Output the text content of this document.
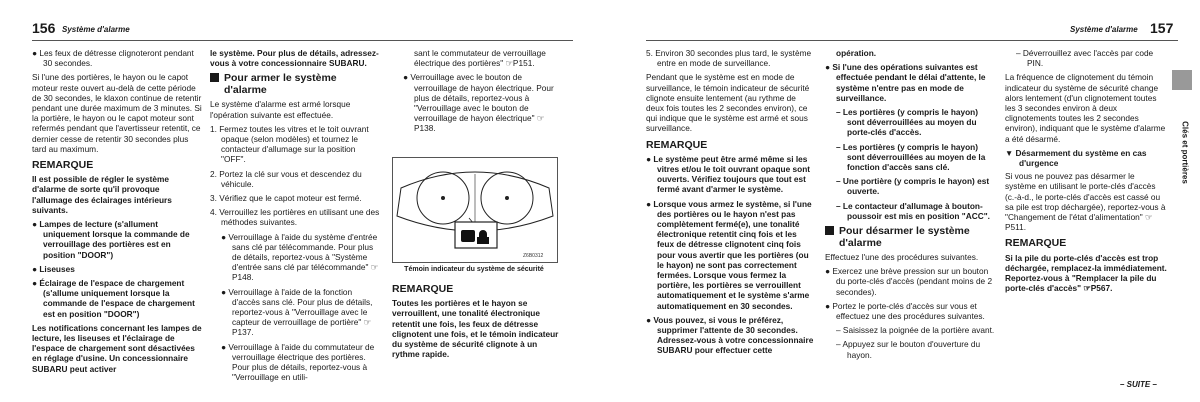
156 Système d'alarme

● Les feux de détresse clignoteront pendant 30 secondes.

Si l'une des portières, le hayon ou le capot moteur reste ouvert au-delà de cette période de 30 secondes, le klaxon continue de retentir pendant une durée maximum de 3 minutes. Si la portière, le hayon ou le capot moteur sont refermés pendant que l'avertisseur retentit, ce dernier cesse de retentir 30 secondes plus tard au maximum.

REMARQUE

Il est possible de régler le système d'alarme de sorte qu'il provoque l'allumage des éclairages intérieurs suivants.

● Lampes de lecture (s'allument uniquement lorsque la commande de verrouillage des portières est en position "DOOR")

● Liseuses

● Éclairage de l'espace de chargement (s'allume uniquement lorsque la commande de l'espace de chargement est en position "DOOR")

Les notifications concernant les lampes de lecture, les liseuses et l'éclairage de l'espace de chargement sont désactivées en réglage d'usine. Un concessionnaire SUBARU peut activer

le système. Pour plus de détails, adressez-vous à votre concessionnaire SUBARU.

Pour armer le système d'alarme

Le système d'alarme est armé lorsque l'opération suivante est effectuée.

1. Fermez toutes les vitres et le toit ouvrant opaque (selon modèles) et tournez le contacteur d'allumage sur la position "OFF".

2. Portez la clé sur vous et descendez du véhicule.

3. Vérifiez que le capot moteur est fermé.

4. Verrouillez les portières en utilisant une des méthodes suivantes.

● Verrouillage à l'aide du système d'entrée sans clé par télécommande. Pour plus de détails, reportez-vous à "Système d'entrée sans clé par télécommande" ☞P148.

● Verrouillage à l'aide de la fonction d'accès sans clé. Pour plus de détails, reportez-vous à "Verrouillage avec le capteur de verrouillage de portière" ☞P137.

● Verrouillage à l'aide du commutateur de verrouillage électrique des portières. Pour plus de détails, reportez-vous à "Verrouillage en utili-

sant le commutateur de verrouillage électrique des portières" ☞P151.

● Verrouillage avec le bouton de verrouillage de hayon électrique. Pour plus de détails, reportez-vous à "Verrouillage avec le bouton de verrouillage de hayon électrique" ☞P138.

Z6B0312
Témoin indicateur du système de sécurité
REMARQUE

Toutes les portières et le hayon se verrouillent, une tonalité électronique retentit une fois, les feux de détresse clignotent une fois, et le témoin indicateur du système de sécurité clignote à un rythme rapide.

Système d'alarme 157

5. Environ 30 secondes plus tard, le système entre en mode de surveillance.

Pendant que le système est en mode de surveillance, le témoin indicateur de sécurité clignote ensuite lentement (au rythme de deux fois toutes les 2 secondes environ), ce qui indique que le système est armé et sous surveillance.

REMARQUE

● Le système peut être armé même si les vitres et/ou le toit ouvrant opaque sont ouverts. Vérifiez toujours que tout est fermé avant d'armer le système.

● Lorsque vous armez le système, si l'une des portières ou le hayon n'est pas complètement fermé(e), une tonalité électronique retentit cinq fois et les feux de détresse clignotent cinq fois pour vous avertir que les portières (ou le hayon) ne sont pas correctement fermées. Lorsque vous fermez la portière, les portières se verrouillent automatiquement et le système s'arme automatiquement en 30 secondes.

● Vous pouvez, si vous le préférez, supprimer l'attente de 30 secondes. Adressez-vous à votre concessionnaire SUBARU pour effectuer cette

opération.

● Si l'une des opérations suivantes est effectuée pendant le délai d'attente, le système n'entre pas en mode de surveillance.

– Les portières (y compris le hayon) sont déverrouillées au moyen du porte-clés d'accès.

– Les portières (y compris le hayon) sont déverrouillées au moyen de la fonction d'accès sans clé.

– Une portière (y compris le hayon) est ouverte.

– Le contacteur d'allumage à bouton-poussoir est mis en position "ACC".

Pour désarmer le système d'alarme

Effectuez l'une des procédures suivantes.

● Exercez une brève pression sur un bouton du porte-clés d'accès (pendant moins de 2 secondes).

● Portez le porte-clés d'accès sur vous et effectuez une des procédures suivantes.

– Saisissez la poignée de la portière avant.

– Appuyez sur le bouton d'ouverture du hayon.

– Déverrouillez avec l'accès par code PIN.

La fréquence de clignotement du témoin indicateur du système de sécurité change alors lentement (d'un clignotement toutes les 3 secondes environ à deux clignotements toutes les 2 secondes environ), indiquant que le système d'alarme a été désarmé.

▼ Désarmement du système en cas d'urgence

Si vous ne pouvez pas désarmer le système en utilisant le porte-clés d'accès (c.-à-d., le porte-clés d'accès est cassé ou sa pile est trop déchargée), reportez-vous à "Changement de l'état d'alimentation" ☞P511.

REMARQUE

Si la pile du porte-clés d'accès est trop déchargée, remplacez-la immédiatement. Reportez-vous à "Remplacer la pile du porte-clés d'accès" ☞P567.

Clés et portières
– SUITE –
